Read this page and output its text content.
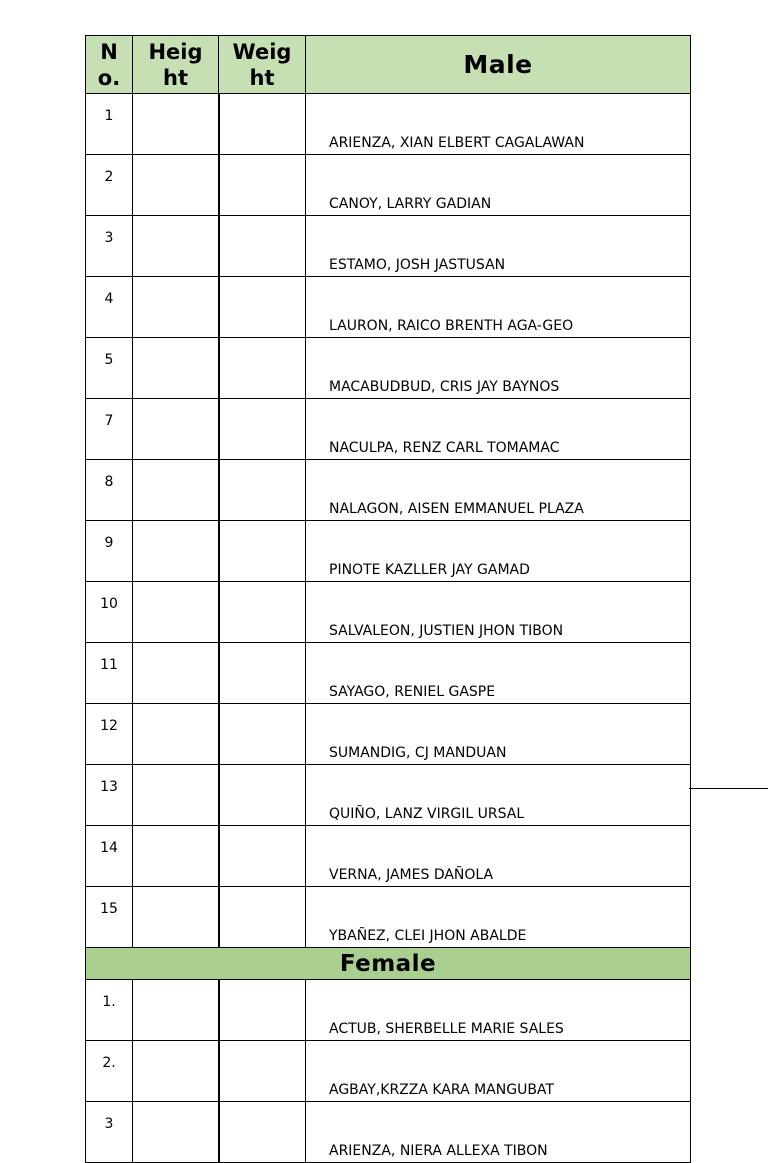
No.	Height	Weight	Male
1			ARIENZA, XIAN ELBERT CAGALAWAN
2			CANOY, LARRY GADIAN
3			ESTAMO, JOSH JASTUSAN
4			LAURON, RAICO BRENTH AGA-GEO
5			MACABUDBUD, CRIS JAY BAYNOS
7			NACULPA, RENZ CARL TOMAMAC
8			NALAGON, AISEN EMMANUEL PLAZA
9			PINOTE KAZLLER JAY GAMAD
10			SALVALEON, JUSTIEN JHON TIBON
11			SAYAGO, RENIEL GASPE
12			SUMANDIG, CJ MANDUAN
13			QUIÑO, LANZ VIRGIL URSAL
14			VERNA, JAMES DAÑOLA
15			YBAÑEZ, CLEI JHON ABALDE
Female			
1.			ACTUB, SHERBELLE MARIE SALES
2.			AGBAY,KRZZA KARA MANGUBAT
3			ARIENZA, NIERA ALLEXA TIBON
